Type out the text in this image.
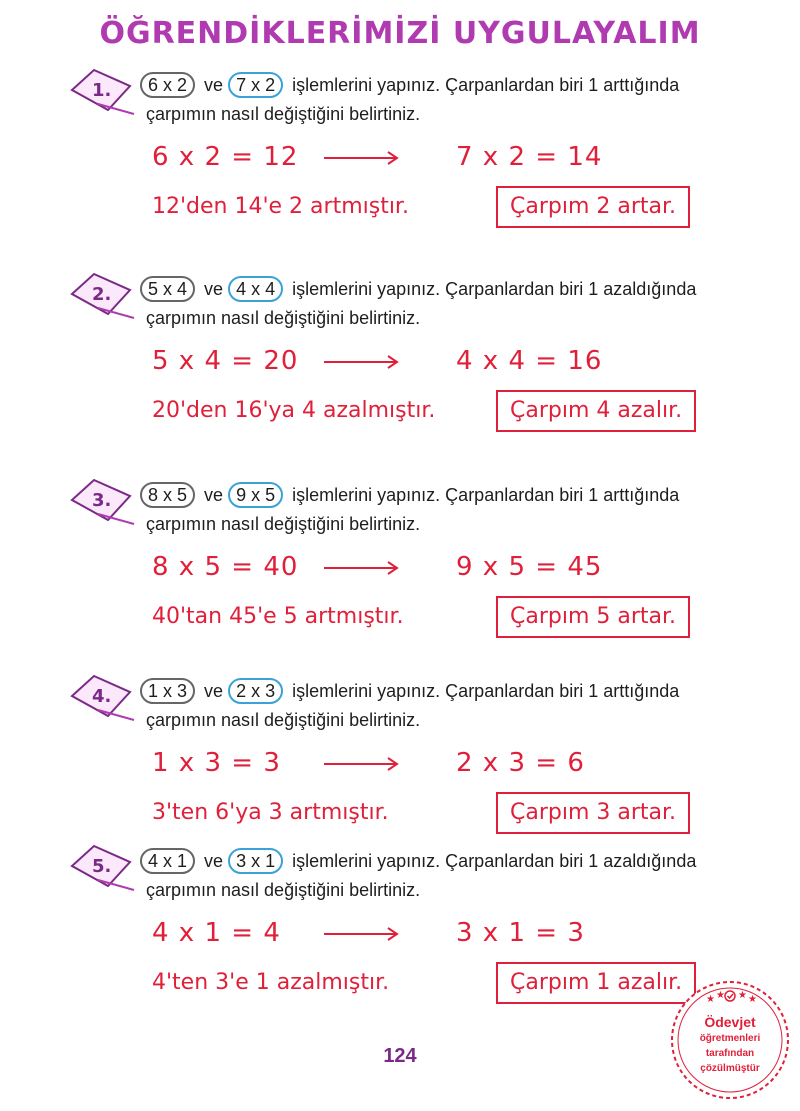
ÖĞRENDİKLERİMİZİ UYGULAYALIM
1.	6 x 2 ve 7 x 2 işlemlerini yapınız. Çarpanlardan biri 1 arttığında
çarpımın nasıl değiştiğini belirtiniz.
6 x 2 = 12	7 x 2 = 14
12'den 14'e 2 artmıştır.	Çarpım 2 artar.
2.	5 x 4 ve 4 x 4 işlemlerini yapınız. Çarpanlardan biri 1 azaldığında
çarpımın nasıl değiştiğini belirtiniz.
5 x 4 = 20	4 x 4 = 16
20'den 16'ya 4 azalmıştır.	Çarpım 4 azalır.
3.	8 x 5 ve 9 x 5 işlemlerini yapınız. Çarpanlardan biri 1 arttığında
çarpımın nasıl değiştiğini belirtiniz.
8 x 5 = 40	9 x 5 = 45
40'tan 45'e 5 artmıştır.	Çarpım 5 artar.
4.	1 x 3 ve 2 x 3 işlemlerini yapınız. Çarpanlardan biri 1 arttığında
çarpımın nasıl değiştiğini belirtiniz.
1 x 3 = 3	2 x 3 = 6
3'ten 6'ya 3 artmıştır.	Çarpım 3 artar.
5.	4 x 1 ve 3 x 1 işlemlerini yapınız. Çarpanlardan biri 1 azaldığında
çarpımın nasıl değiştiğini belirtiniz.
4 x 1 = 4	3 x 1 = 3
4'ten 3'e 1 azalmıştır.	Çarpım 1 azalır.
124
★ ★ ★ ★
Ödevjet
öğretmenleri
tarafından
çözülmüştür
